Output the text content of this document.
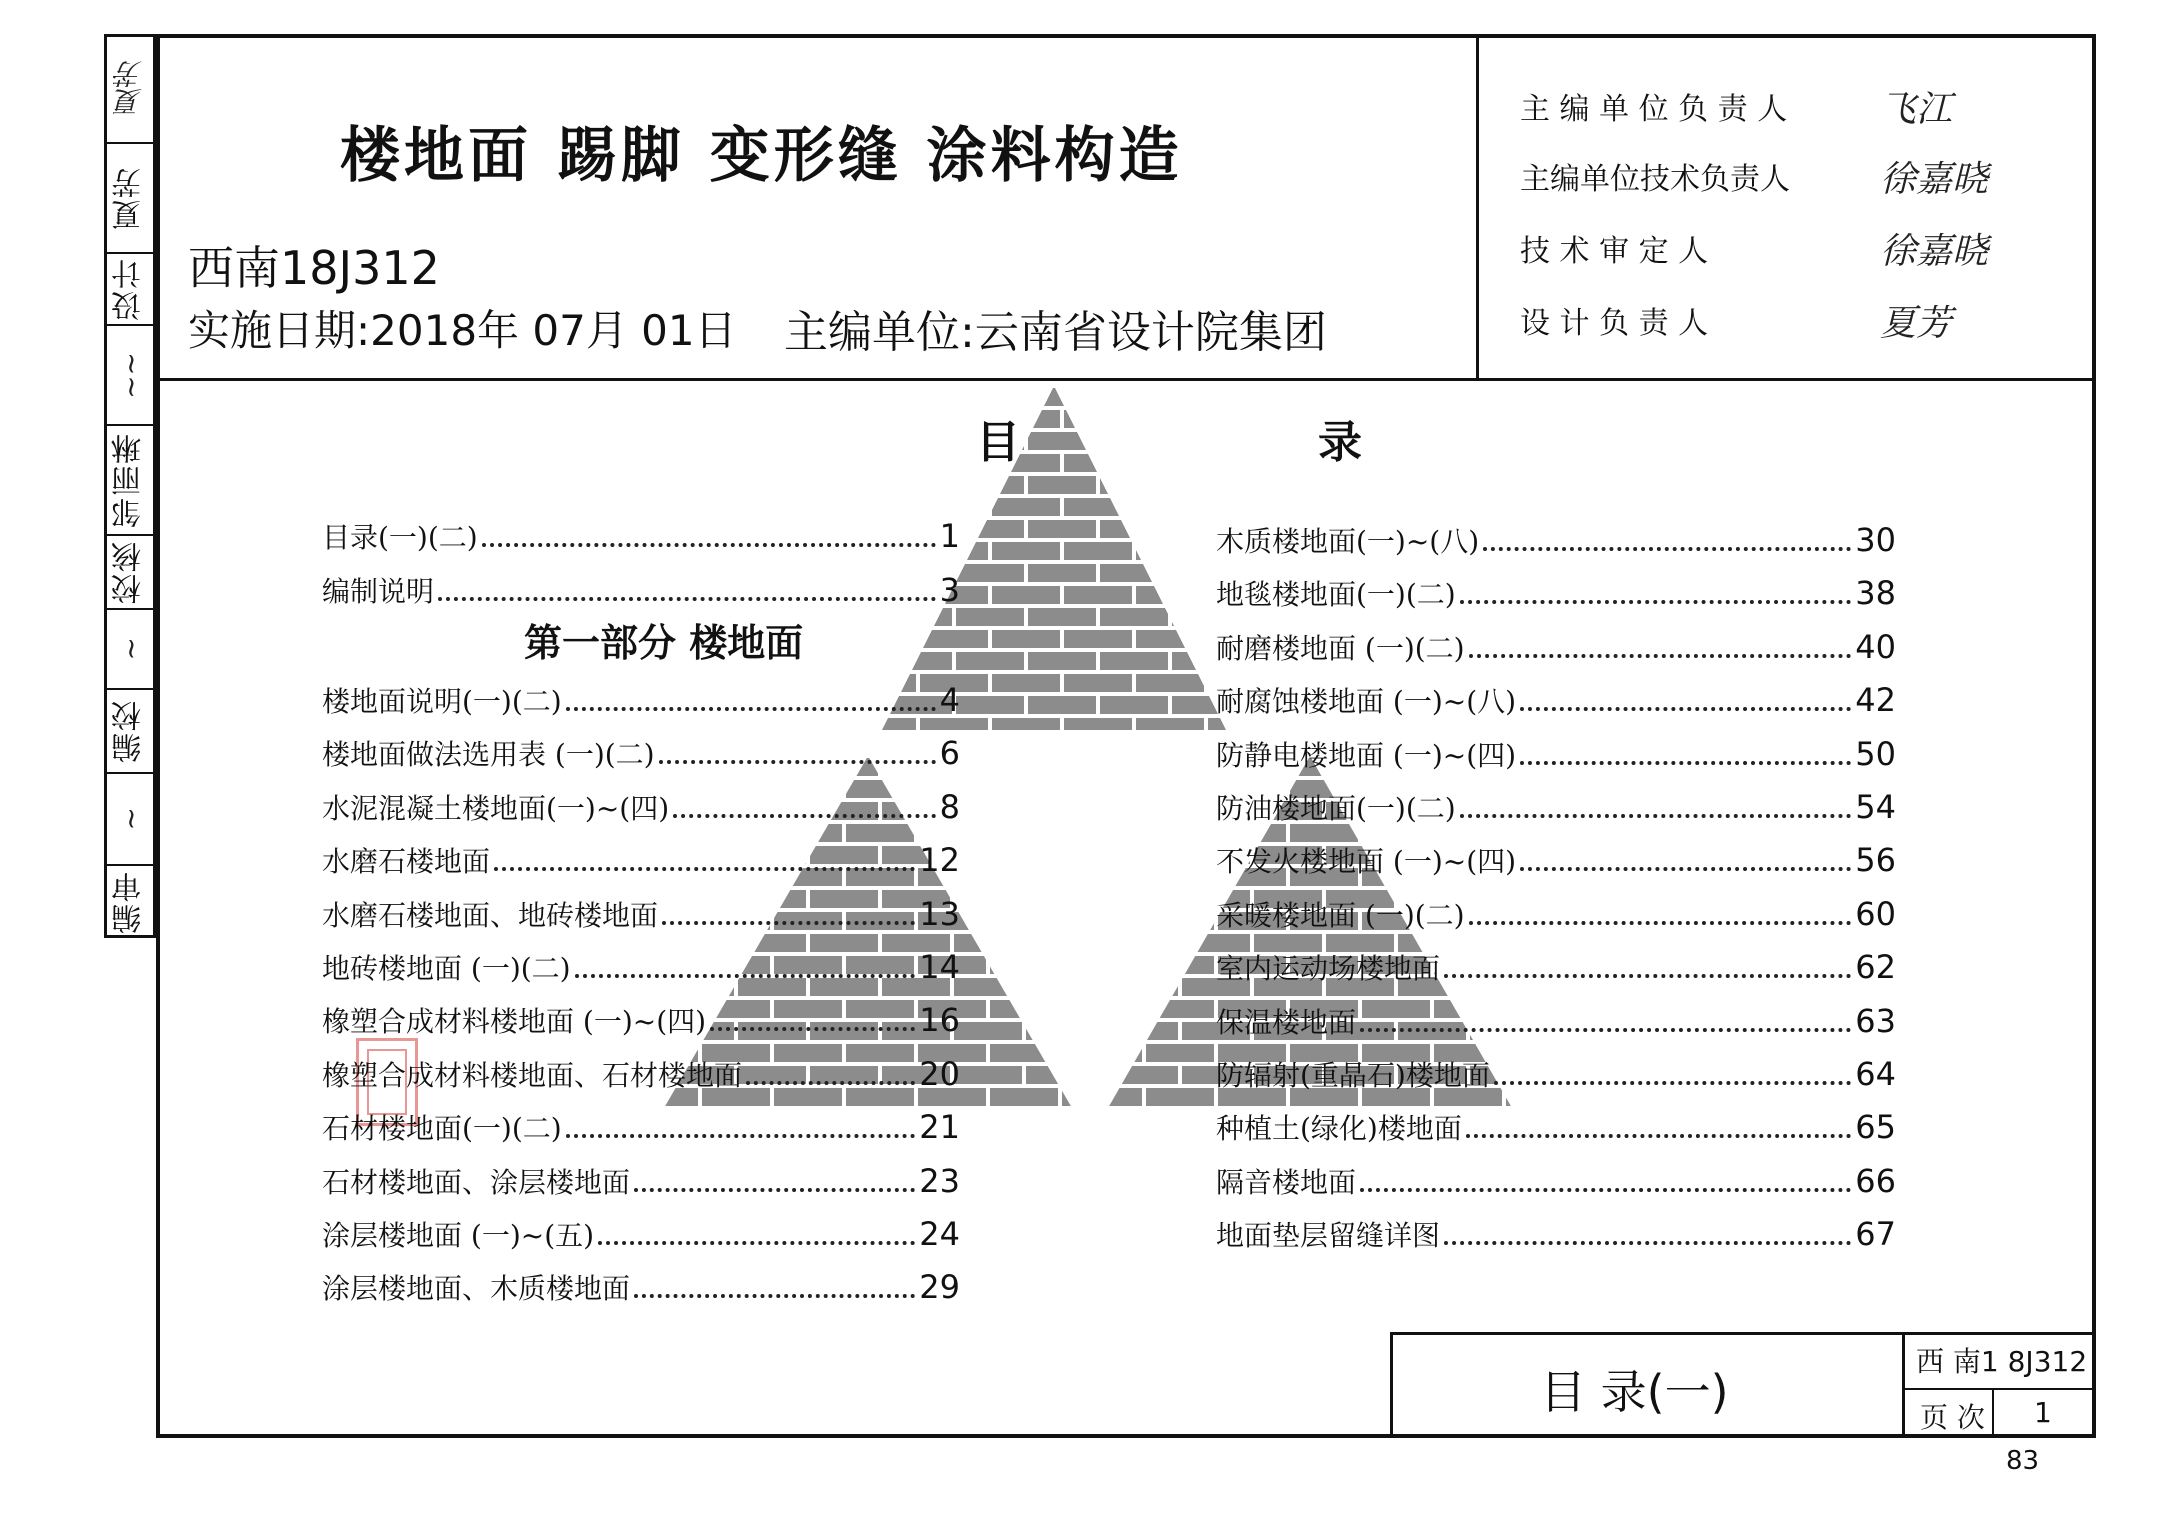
夏芳
夏芳
设计
~~
邹丽琳
校核
~
编校
~
编审
楼地面 踢脚 变形缝 涂料构造
西南18J312
实施日期:2018年 07月 01日 主编单位:云南省设计院集团
主 编 单 位 负 责 人	飞江
主编单位技术负责人	徐嘉晓
技 术 审 定 人	徐嘉晓
设 计 负 责 人	夏芳
目	录
第一部分 楼地面
目录(一)(二)	1
编制说明	3
楼地面说明(一)(二)	4
楼地面做法选用表 (一)(二)	6
水泥混凝土楼地面(一)~(四)	8
水磨石楼地面	12
水磨石楼地面、地砖楼地面	13
地砖楼地面 (一)(二)	14
橡塑合成材料楼地面 (一)~(四)	16
橡塑合成材料楼地面、石材楼地面	20
石材楼地面(一)(二)	21
石材楼地面、涂层楼地面	23
涂层楼地面 (一)~(五)	24
涂层楼地面、木质楼地面	29
木质楼地面(一)~(八)	30
地毯楼地面(一)(二)	38
耐磨楼地面 (一)(二)	40
耐腐蚀楼地面 (一)~(八)	42
防静电楼地面 (一)~(四)	50
防油楼地面(一)(二)	54
不发火楼地面 (一)~(四)	56
采暖楼地面 (一)(二)	60
室内运动场楼地面	62
保温楼地面	63
防辐射(重晶石)楼地面	64
种植土(绿化)楼地面	65
隔音楼地面	66
地面垫层留缝详图	67
目 录(一)
西 南1 8J312
页 次 1
83
